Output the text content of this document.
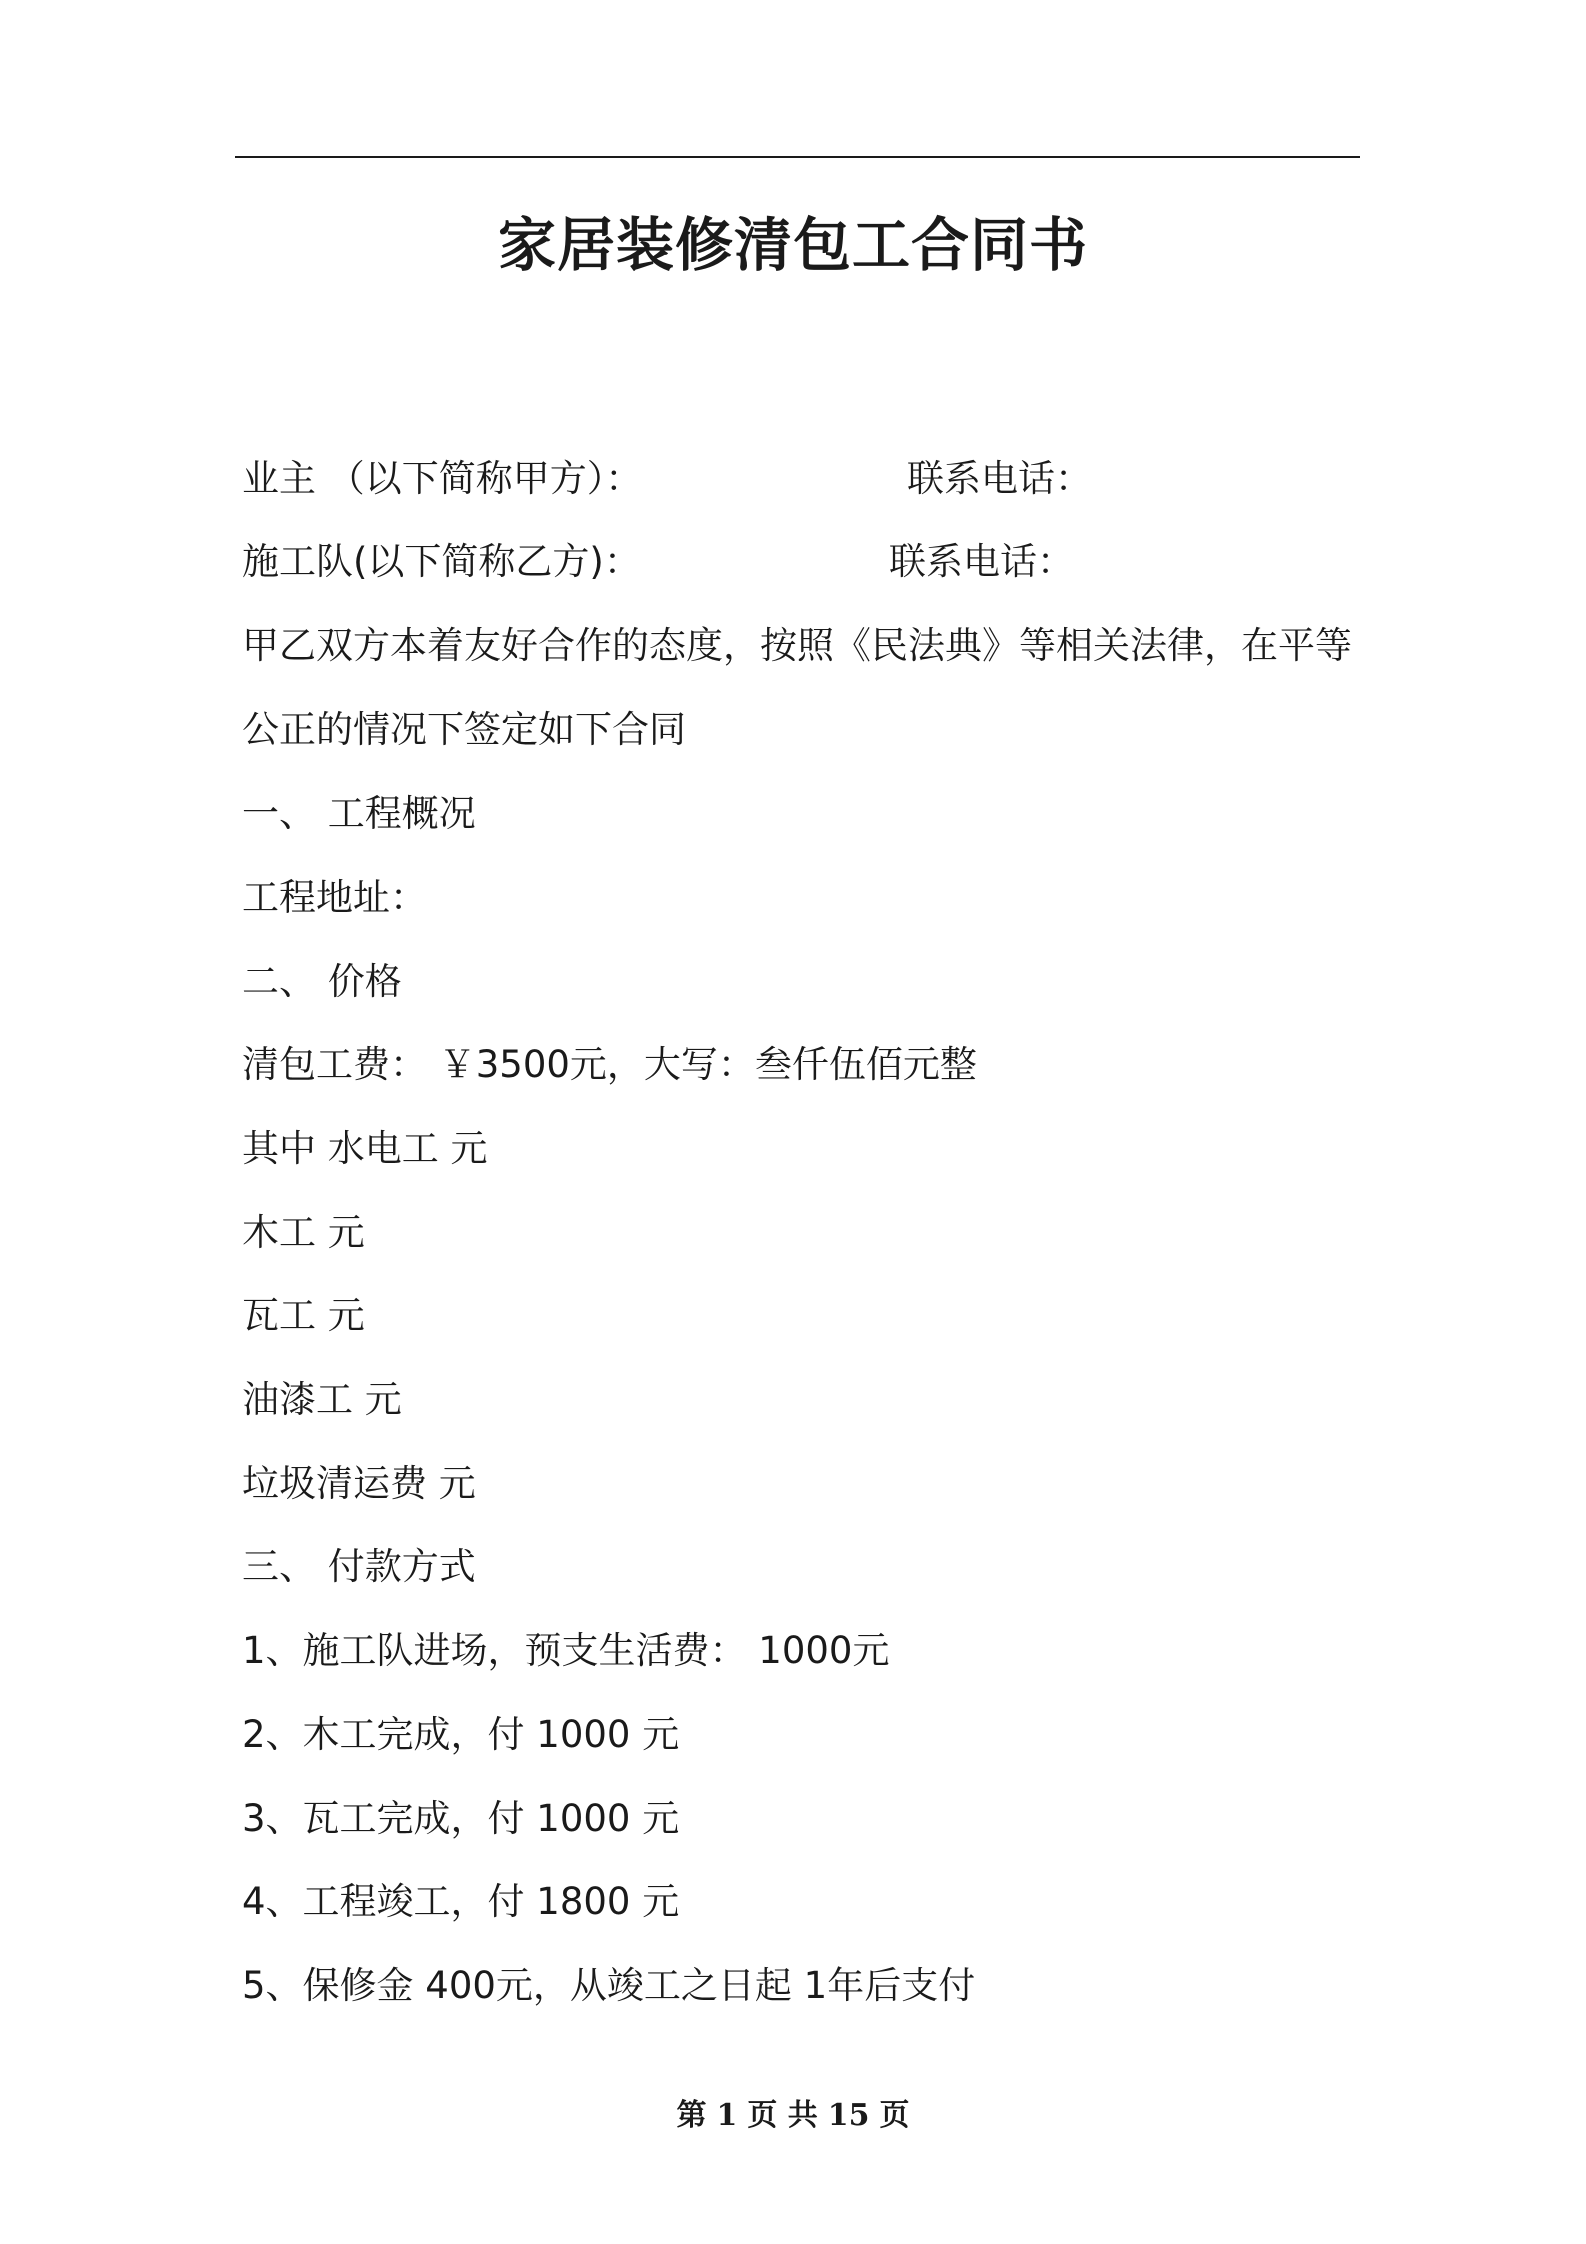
家居装修清包工合同书
业主 （以下简称甲方）：	联系电话：
施工队(以下简称乙方)：	联系电话：
甲乙双方本着友好合作的态度，按照《民法典》等相关法律，在平等
公正的情况下签定如下合同
一、 工程概况
工程地址：
二、 价格
清包工费： ￥3500元，大写：叁仟伍佰元整
其中 水电工 元
木工 元
瓦工 元
油漆工 元
垃圾清运费 元
三、 付款方式
1、施工队进场，预支生活费： 1000元
2、木工完成，付 1000 元
3、瓦工完成，付 1000 元
4、工程竣工，付 1800 元
5、保修金 400元，从竣工之日起 1年后支付
第 1 页 共 15 页
